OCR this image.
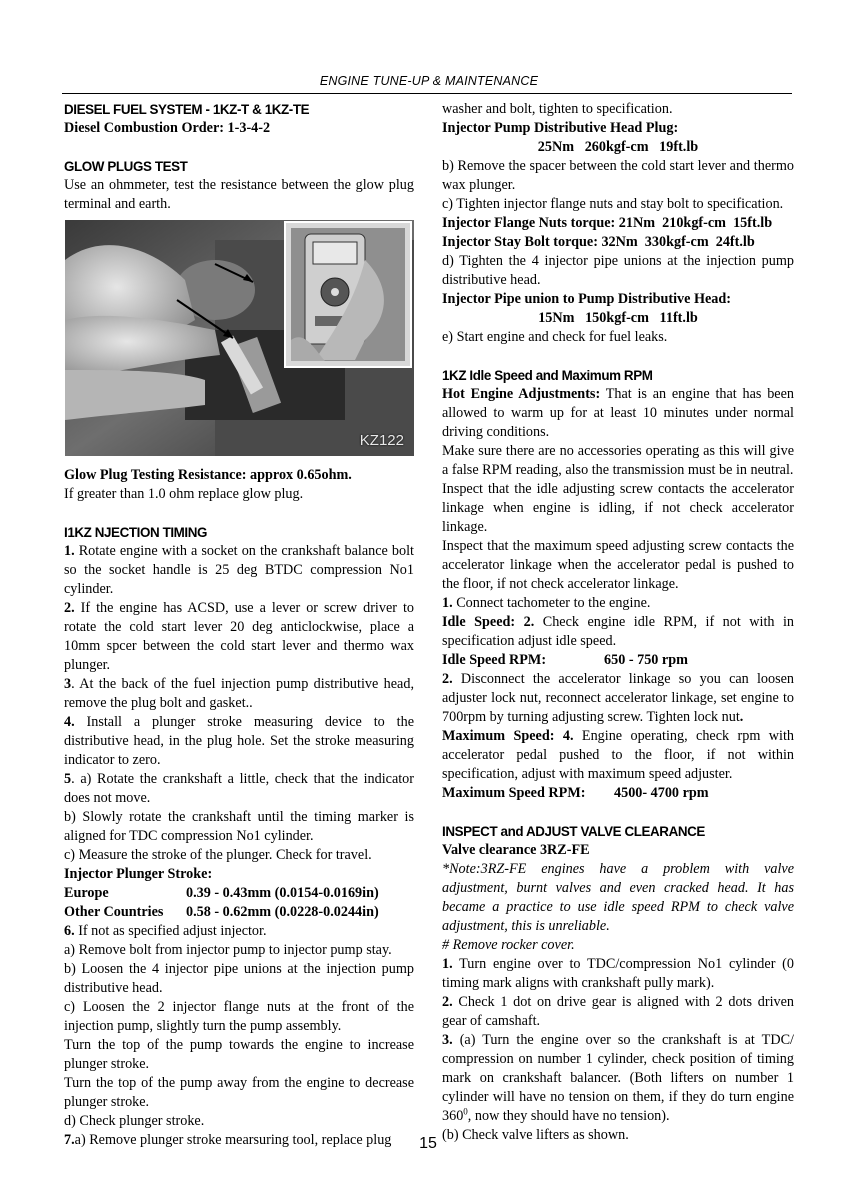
ENGINE TUNE-UP & MAINTENANCE
DIESEL FUEL SYSTEM - 1KZ-T & 1KZ-TE
Diesel Combustion Order: 1-3-4-2
GLOW PLUGS TEST
Use an ohmmeter, test the resistance between the glow plug terminal and earth.
KZ122
Glow Plug Testing Resistance: approx 0.65ohm.
If greater than 1.0 ohm replace glow plug.
I1KZ NJECTION TIMING
1. Rotate engine with a socket on the crankshaft balance bolt so the socket handle is 25 deg BTDC compression No1 cylinder.
2. If the engine has ACSD, use a lever or screw driver to rotate the cold start lever 20 deg anticlockwise, place a 10mm spcer between the cold start lever and thermo wax plunger.
3. At the back of the fuel injection pump distributive head, remove the plug bolt and gasket..
4. Install a plunger stroke measuring device to the distributive head, in the plug hole. Set the stroke measuring indicator to zero.
5. a) Rotate the crankshaft a little, check that the indicator does not move.
b) Slowly rotate the crankshaft until the timing marker is aligned for TDC compression No1 cylinder.
c) Measure the stroke of the plunger. Check for travel.
Injector Plunger Stroke:
Europe	0.39 - 0.43mm (0.0154-0.0169in)
Other Countries	0.58 - 0.62mm (0.0228-0.0244in)
6. If not as specified adjust injector.
a) Remove bolt from injector pump to injector pump stay.
b) Loosen the 4 injector pipe unions at the injection pump distributive head.
c) Loosen the 2 injector flange nuts at the front of the injection pump, slightly turn the pump assembly.
Turn the top of the pump towards the engine to increase plunger stroke.
Turn the top of the pump away from the engine to decrease plunger stroke.
d) Check plunger stroke.
7.a) Remove plunger stroke mearsuring tool, replace plug
washer and bolt, tighten to specification.
Injector Pump Distributive Head Plug:
25Nm   260kgf-cm   19ft.lb
b) Remove the spacer between the cold start lever and thermo wax plunger.
c) Tighten injector flange nuts and stay bolt to specification.
Injector Flange Nuts torque: 21Nm  210kgf-cm  15ft.lb
Injector Stay Bolt torque: 32Nm  330kgf-cm  24ft.lb
d) Tighten the 4 injector pipe unions at the injection pump distributive head.
Injector Pipe union to Pump Distributive Head:
15Nm   150kgf-cm   11ft.lb
e) Start engine and check for fuel leaks.
1KZ Idle Speed and Maximum RPM
Hot Engine Adjustments: That is an engine that has been allowed to warm up for at least 10 minutes under normal driving conditions.
Make sure there are no accessories operating as this will give a false RPM reading, also the transmission must be in neutral.
Inspect that the idle adjusting screw contacts the accelerator linkage when engine is idling, if not check accelerator linkage.
Inspect that the maximum speed adjusting screw contacts the accelerator linkage when the accelerator pedal is pushed to the floor, if not check accelerator linkage.
1. Connect tachometer to the engine.
Idle Speed: 2. Check engine idle RPM, if not with in specification adjust idle speed.
Idle Speed RPM:	650 - 750 rpm
2. Disconnect the accelerator linkage so you can loosen adjuster lock nut, reconnect accelerator linkage, set engine to 700rpm by turning adjusting screw. Tighten lock nut.
Maximum Speed: 4. Engine operating, check rpm with accelerator pedal pushed to the floor, if not within specification, adjust with maximum speed adjuster.
Maximum Speed RPM:	4500- 4700 rpm
INSPECT and ADJUST VALVE CLEARANCE
Valve clearance 3RZ-FE
*Note:3RZ-FE engines have a problem with valve adjustment, burnt valves and even cracked head. It has became a practice to use idle speed RPM to check valve adjustment, this is unreliable.
# Remove rocker cover.
1. Turn engine over to TDC/compression No1 cylinder (0 timing mark aligns with crankshaft pully mark).
2. Check 1 dot on drive gear is aligned with 2 dots driven gear of camshaft.
3. (a) Turn the engine over so the crankshaft is at TDC/ compression on number 1 cylinder, check position of timing mark on crankshaft balancer. (Both lifters on number 1 cylinder will have no tension on them, if they do turn engine $360^0$, now they should have no tension).
(b) Check valve lifters as shown.
15
